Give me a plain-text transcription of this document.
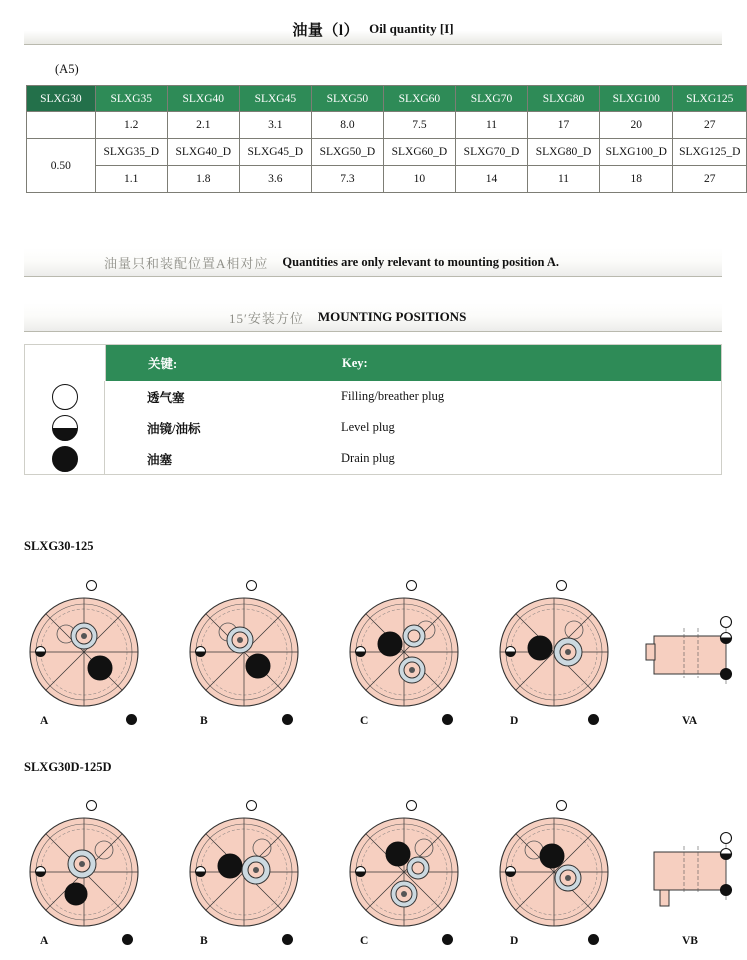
油量（l） Oil quantity [I]
(A5)
SLXG30	SLXG35	SLXG40	SLXG45	SLXG50	SLXG60	SLXG70	SLXG80	SLXG100	SLXG125
	1.2	2.1	3.1	8.0	7.5	11	17	20	27
0.50	SLXG35_D	SLXG40_D	SLXG45_D	SLXG50_D	SLXG60_D	SLXG70_D	SLXG80_D	SLXG100_D	SLXG125_D
	1.1	1.8	3.6	7.3	10	14	11	18	27
油量只和装配位置A相对应 Quantities are only relevant to mounting position A.
15′安装方位 MOUNTING POSITIONS
关键:	Key:
透气塞	Filling/breather plug
油镜/油标	Level plug
油塞	Drain plug
SLXG30-125
A	B	C	D	VA
SLXG30D-125D
A	B	C	D	VB
